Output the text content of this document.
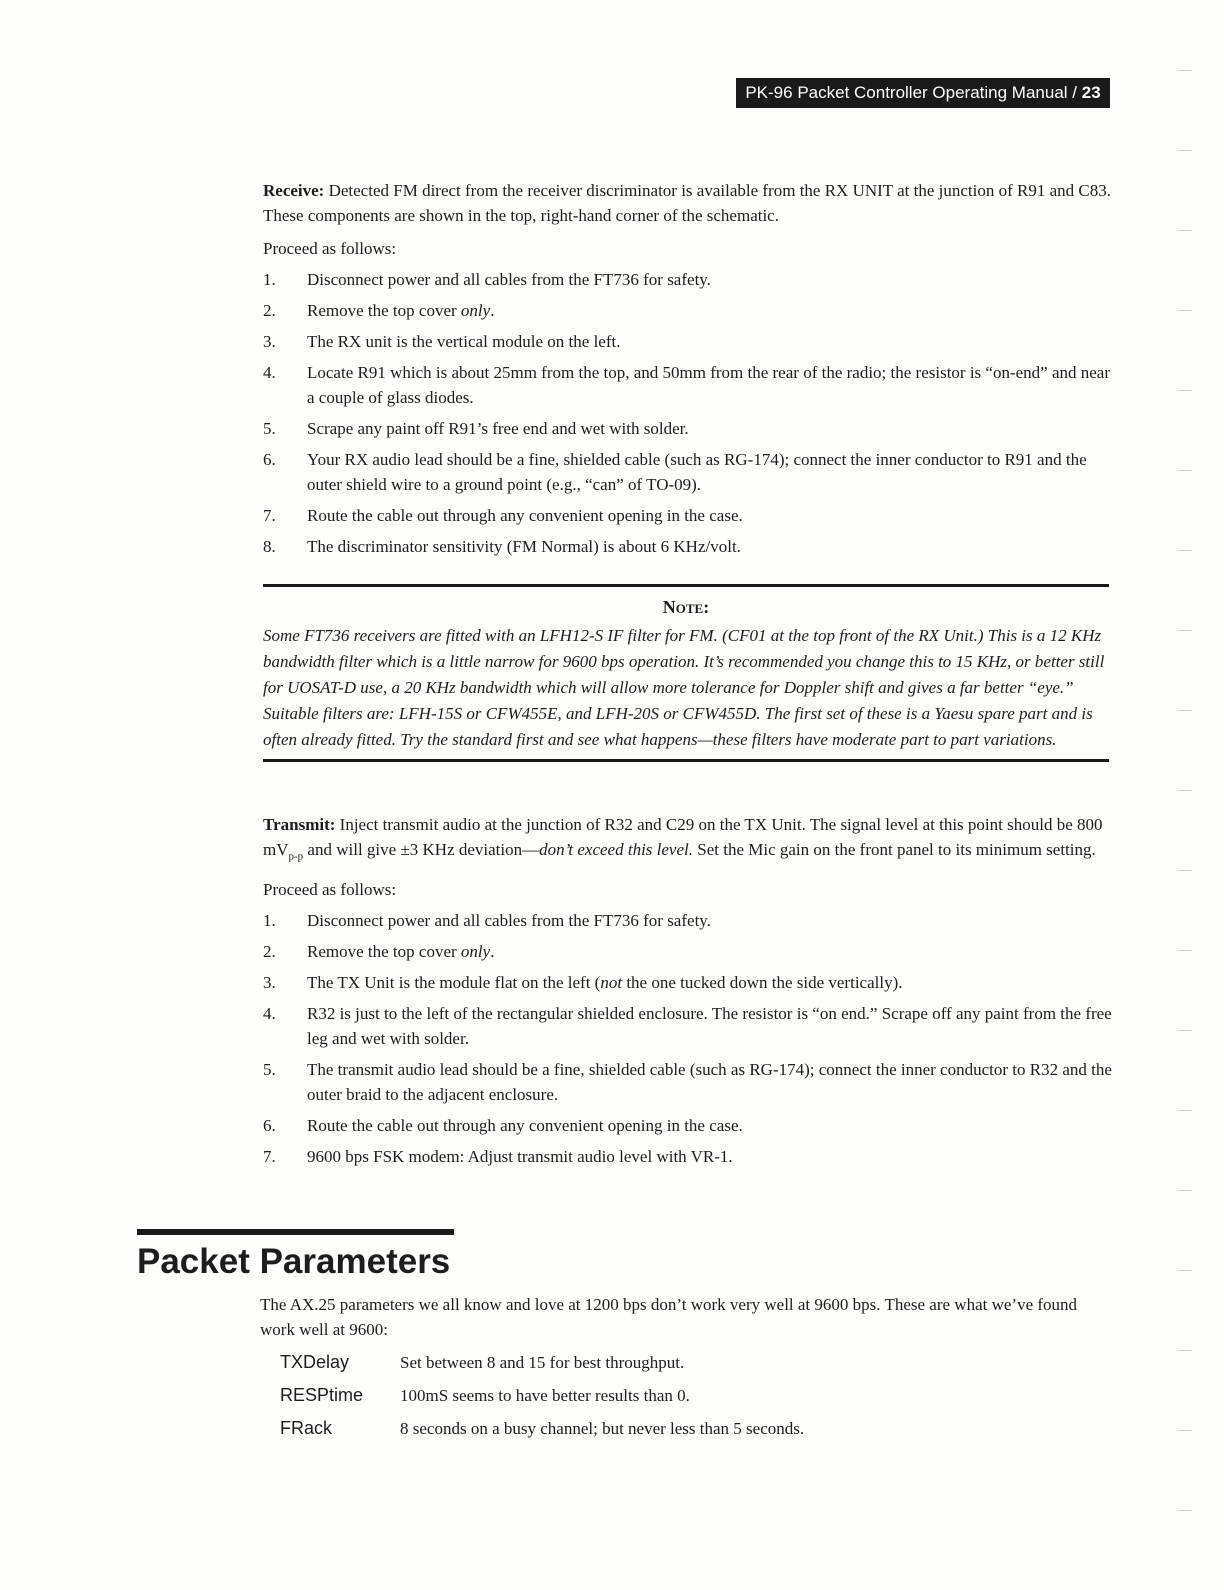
PK-96 Packet Controller Operating Manual / 23

Receive: Detected FM direct from the receiver discriminator is available from the RX UNIT at the junction of R91 and C83. These components are shown in the top, right-hand corner of the schematic.

Proceed as follows:

1. Disconnect power and all cables from the FT736 for safety.
2. Remove the top cover only.
3. The RX unit is the vertical module on the left.
4. Locate R91 which is about 25mm from the top, and 50mm from the rear of the radio; the resistor is “on-end” and near a couple of glass diodes.
5. Scrape any paint off R91’s free end and wet with solder.
6. Your RX audio lead should be a fine, shielded cable (such as RG-174); connect the inner conductor to R91 and the outer shield wire to a ground point (e.g., “can” of TO-09).
7. Route the cable out through any convenient opening in the case.
8. The discriminator sensitivity (FM Normal) is about 6 KHz/volt.
Note:
Some FT736 receivers are fitted with an LFH12-S IF filter for FM. (CF01 at the top front of the RX Unit.) This is a 12 KHz bandwidth filter which is a little narrow for 9600 bps operation. It’s recommended you change this to 15 KHz, or better still for UOSAT-D use, a 20 KHz bandwidth which will allow more tolerance for Doppler shift and gives a far better “eye.” Suitable filters are: LFH-15S or CFW455E, and LFH-20S or CFW455D. The first set of these is a Yaesu spare part and is often already fitted. Try the standard first and see what happens—these filters have moderate part to part variations.

Transmit: Inject transmit audio at the junction of R32 and C29 on the TX Unit. The signal level at this point should be 800 $mV_{p-p}$ and will give ±3 KHz deviation—don’t exceed this level. Set the Mic gain on the front panel to its minimum setting.

Proceed as follows:

1. Disconnect power and all cables from the FT736 for safety.
2. Remove the top cover only.
3. The TX Unit is the module flat on the left (not the one tucked down the side vertically).
4. R32 is just to the left of the rectangular shielded enclosure. The resistor is “on end.” Scrape off any paint from the free leg and wet with solder.
5. The transmit audio lead should be a fine, shielded cable (such as RG-174); connect the inner conductor to R32 and the outer braid to the adjacent enclosure.
6. Route the cable out through any convenient opening in the case.
7. 9600 bps FSK modem: Adjust transmit audio level with VR-1.
Packet Parameters

The AX.25 parameters we all know and love at 1200 bps don’t work very well at 9600 bps. These are what we’ve found work well at 9600:

TXDelay	Set between 8 and 15 for best throughput.
RESPtime	100mS seems to have better results than 0.
FRack	8 seconds on a busy channel; but never less than 5 seconds.
